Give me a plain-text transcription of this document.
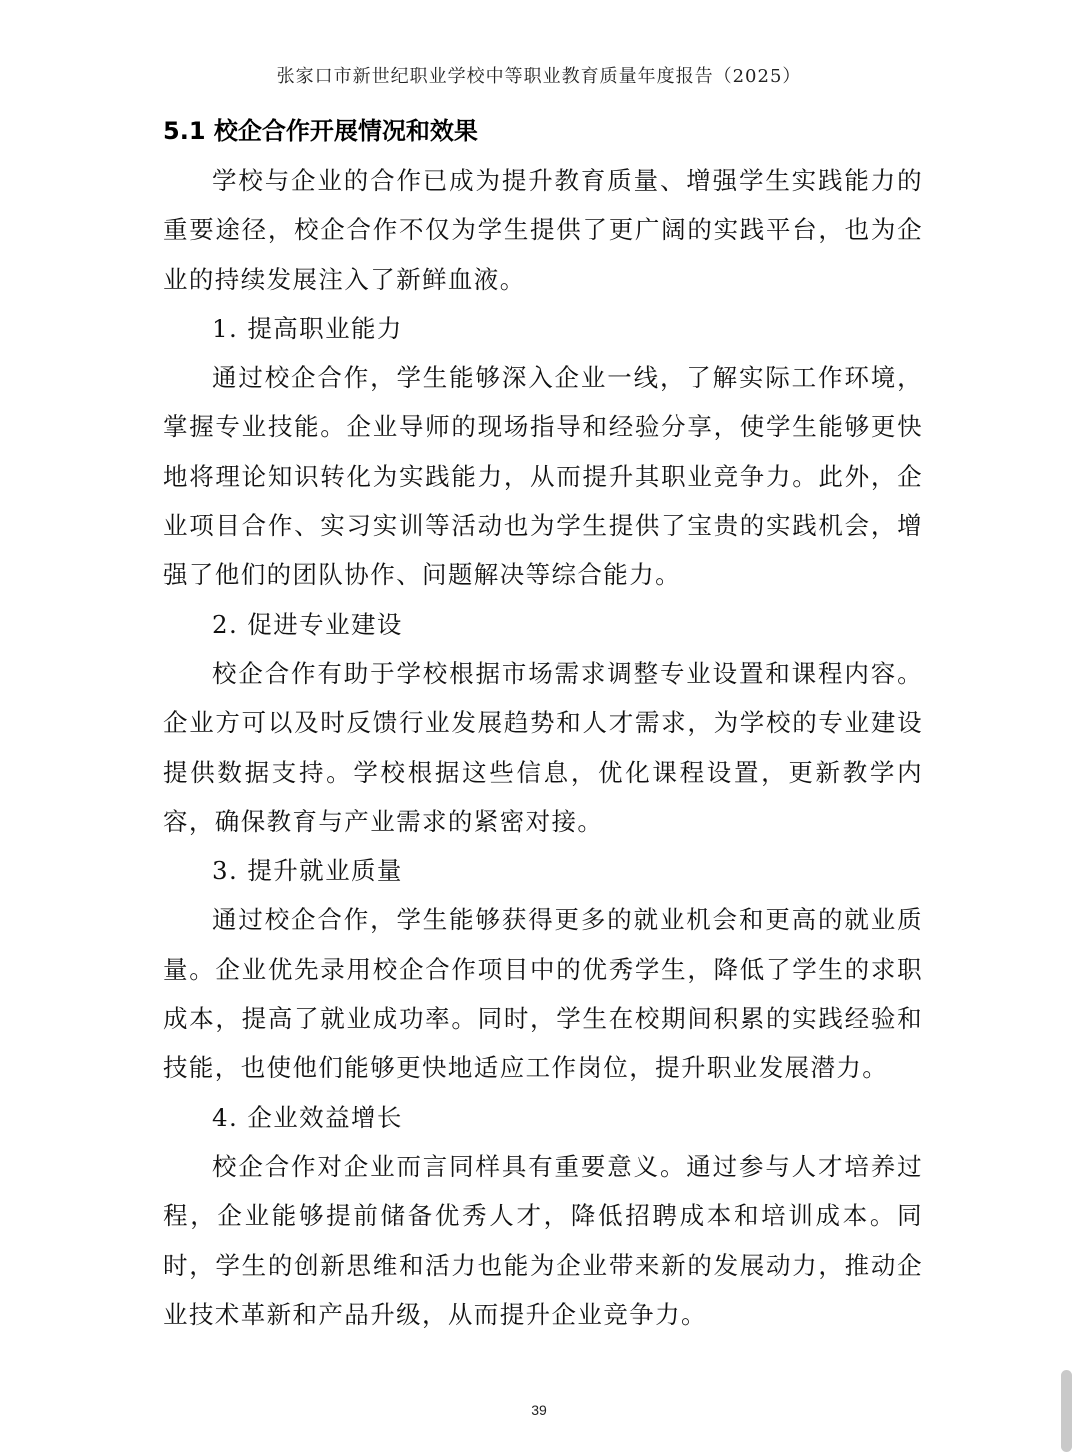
张家口市新世纪职业学校中等职业教育质量年度报告（2025）
5.1 校企合作开展情况和效果

学校与企业的合作已成为提升教育质量、增强学生实践能力的重要途径，校企合作不仅为学生提供了更广阔的实践平台，也为企业的持续发展注入了新鲜血液。

1. 提高职业能力

通过校企合作，学生能够深入企业一线，了解实际工作环境，掌握专业技能。企业导师的现场指导和经验分享，使学生能够更快地将理论知识转化为实践能力，从而提升其职业竞争力。此外，企业项目合作、实习实训等活动也为学生提供了宝贵的实践机会，增强了他们的团队协作、问题解决等综合能力。

2. 促进专业建设

校企合作有助于学校根据市场需求调整专业设置和课程内容。企业方可以及时反馈行业发展趋势和人才需求，为学校的专业建设提供数据支持。学校根据这些信息，优化课程设置，更新教学内容，确保教育与产业需求的紧密对接。

3. 提升就业质量

通过校企合作，学生能够获得更多的就业机会和更高的就业质量。企业优先录用校企合作项目中的优秀学生，降低了学生的求职成本，提高了就业成功率。同时，学生在校期间积累的实践经验和技能，也使他们能够更快地适应工作岗位，提升职业发展潜力。

4. 企业效益增长

校企合作对企业而言同样具有重要意义。通过参与人才培养过程，企业能够提前储备优秀人才，降低招聘成本和培训成本。同时，学生的创新思维和活力也能为企业带来新的发展动力，推动企业技术革新和产品升级，从而提升企业竞争力。

39
